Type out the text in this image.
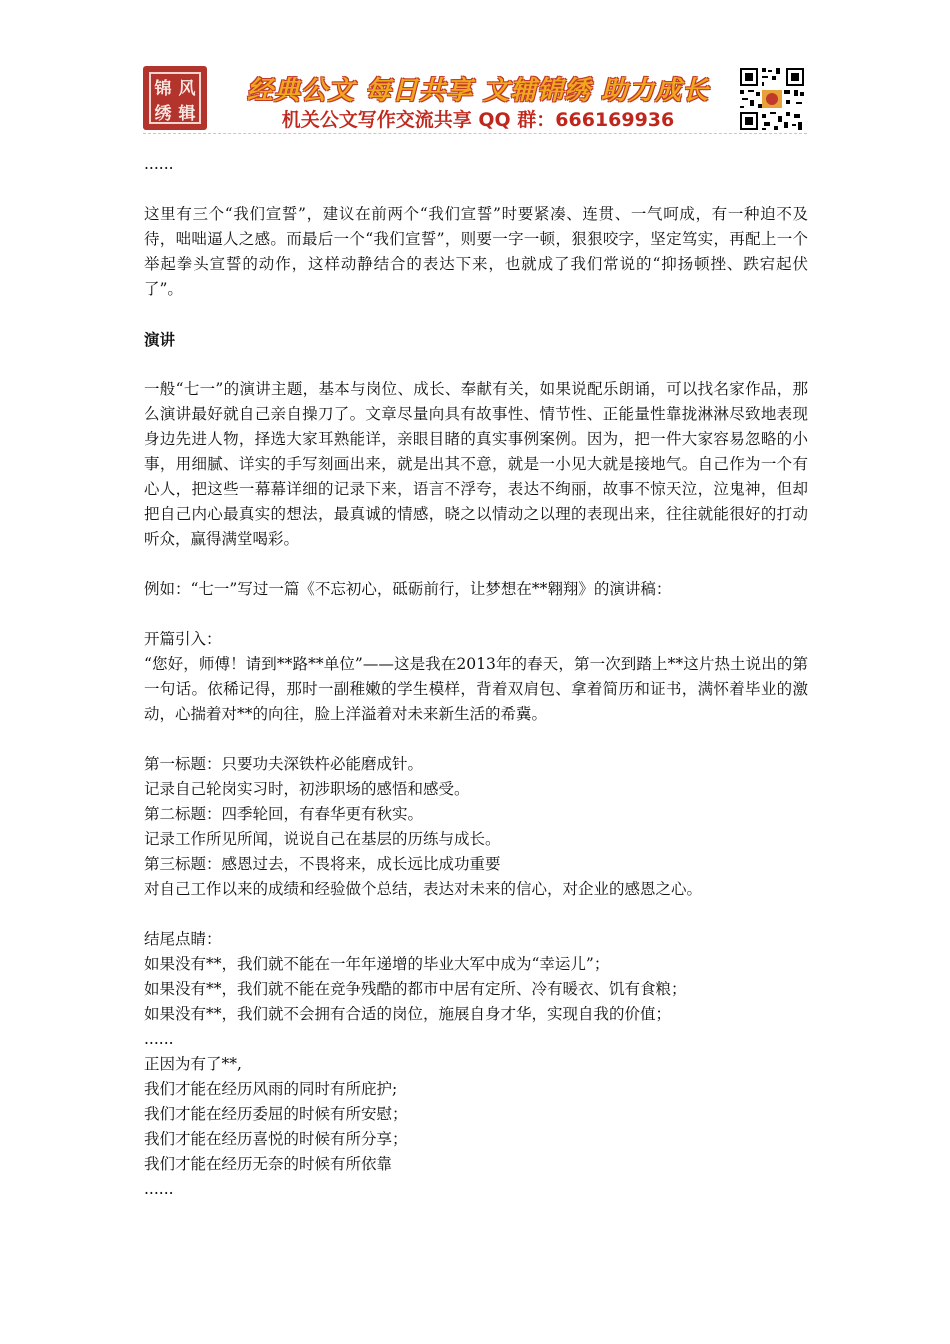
锦 风
绣 辑
经典公文 每日共享 文辅锦绣 助力成长
机关公文写作交流共享 QQ 群：666169936

......

这里有三个“我们宣誓”，建议在前两个“我们宣誓”时要紧凑、连贯、一气呵成，有一种迫不及待，咄咄逼人之感。而最后一个“我们宣誓”，则要一字一顿，狠狠咬字，坚定笃实，再配上一个举起拳头宣誓的动作，这样动静结合的表达下来，也就成了我们常说的“抑扬顿挫、跌宕起伏了”。

演讲

一般“七一”的演讲主题，基本与岗位、成长、奉献有关，如果说配乐朗诵，可以找名家作品，那么演讲最好就自己亲自操刀了。文章尽量向具有故事性、情节性、正能量性靠拢淋淋尽致地表现身边先进人物，择选大家耳熟能详，亲眼目睹的真实事例案例。因为，把一件大家容易忽略的小事，用细腻、详实的手写刻画出来，就是出其不意，就是一小见大就是接地气。自己作为一个有心人，把这些一幕幕详细的记录下来，语言不浮夸，表达不绚丽，故事不惊天泣，泣鬼神，但却把自己内心最真实的想法，最真诚的情感，晓之以情动之以理的表现出来，往往就能很好的打动听众，赢得满堂喝彩。

例如：“七一”写过一篇《不忘初心，砥砺前行，让梦想在**翱翔》的演讲稿：

开篇引入：

“您好，师傅！请到**路**单位”——这是我在2013年的春天，第一次到踏上**这片热土说出的第一句话。依稀记得，那时一副稚嫩的学生模样，背着双肩包、拿着简历和证书，满怀着毕业的激动，心揣着对**的向往，脸上洋溢着对未来新生活的希冀。

第一标题：只要功夫深铁杵必能磨成针。

记录自己轮岗实习时，初涉职场的感悟和感受。

第二标题：四季轮回，有春华更有秋实。

记录工作所见所闻，说说自己在基层的历练与成长。

第三标题：感恩过去，不畏将来，成长远比成功重要

对自己工作以来的成绩和经验做个总结，表达对未来的信心，对企业的感恩之心。

结尾点睛：

如果没有**，我们就不能在一年年递增的毕业大军中成为“幸运儿”；

如果没有**，我们就不能在竞争残酷的都市中居有定所、冷有暖衣、饥有食粮；

如果没有**，我们就不会拥有合适的岗位，施展自身才华，实现自我的价值；

......

正因为有了**,

我们才能在经历风雨的同时有所庇护;

我们才能在经历委屈的时候有所安慰；

我们才能在经历喜悦的时候有所分享；

我们才能在经历无奈的时候有所依靠

......
